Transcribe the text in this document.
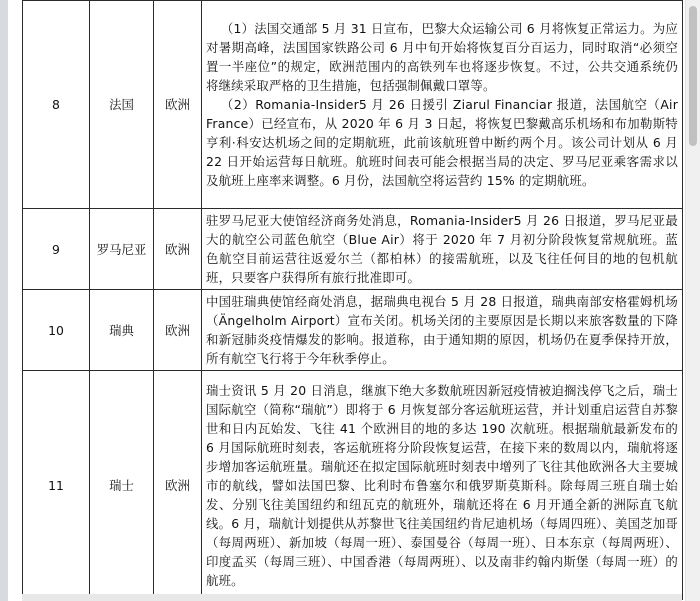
8	法国	欧洲	（1）法国交通部 5 月 31 日宣布，巴黎大众运输公司 6 月将恢复正常运力。为应对暑期高峰，法国国家铁路公司 6 月中旬开始将恢复百分百运力，同时取消“必须空置一半座位”的规定，欧洲范围内的高铁列车也将逐步恢复。不过，公共交通系统仍将继续采取严格的卫生措施，包括强制佩戴口罩等。

（2）Romania-Insider5 月 26 日援引 Ziarul Financiar 报道，法国航空（Air France）已经宣布，从 2020 年 6 月 3 日起，将恢复巴黎戴高乐机场和布加勒斯特亨利·科安达机场之间的定期航班，此前该航班曾中断约两个月。该公司计划从 6 月 22 日开始运营每日航班。航班时间表可能会根据当局的决定、罗马尼亚乘客需求以及航班上座率来调整。6 月份，法国航空将运营约 15% 的定期航班。

9	罗马尼亚	欧洲	驻罗马尼亚大使馆经济商务处消息，Romania-Insider5 月 26 日报道，罗马尼亚最大的航空公司蓝色航空（Blue Air）将于 2020 年 7 月初分阶段恢复常规航班。蓝色航空目前运营往返爱尔兰（都柏林）的接需航班，以及飞往任何目的地的包机航班，只要客户获得所有旅行批准即可。

10	瑞典	欧洲	中国驻瑞典使馆经商处消息，据瑞典电视台 5 月 28 日报道，瑞典南部安格霍姆机场（Ängelholm Airport）宣布关闭。机场关闭的主要原因是长期以来旅客数量的下降和新冠肺炎疫情爆发的影响。报道称，由于通知期的原因，机场仍在夏季保持开放，所有航空飞行将于今年秋季停止。

11	瑞士	欧洲	瑞士资讯 5 月 20 日消息，继旗下绝大多数航班因新冠疫情被迫搁浅停飞之后，瑞士国际航空（简称“瑞航”）即将于 6 月恢复部分客运航班运营，并计划重启运营自苏黎世和日内瓦始发、飞往 41 个欧洲目的地的多达 190 次航班。根据瑞航最新发布的 6 月国际航班时刻表，客运航班将分阶段恢复运营，在接下来的数周以内，瑞航将逐步增加客运航班量。瑞航还在拟定国际航班时刻表中增列了飞往其他欧洲各大主要城市的航线，譬如法国巴黎、比利时布鲁塞尔和俄罗斯莫斯科。除每周三班自瑞士始发、分别飞往美国纽约和纽瓦克的航班外，瑞航还将在 6 月开通全新的洲际直飞航线。6 月，瑞航计划提供从苏黎世飞往美国纽约肯尼迪机场（每周四班）、美国芝加哥（每周两班）、新加坡（每周一班）、泰国曼谷（每周一班）、日本东京（每周两班）、印度孟买（每周三班）、中国香港（每周两班）、以及南非约翰内斯堡（每周一班）的航班。
